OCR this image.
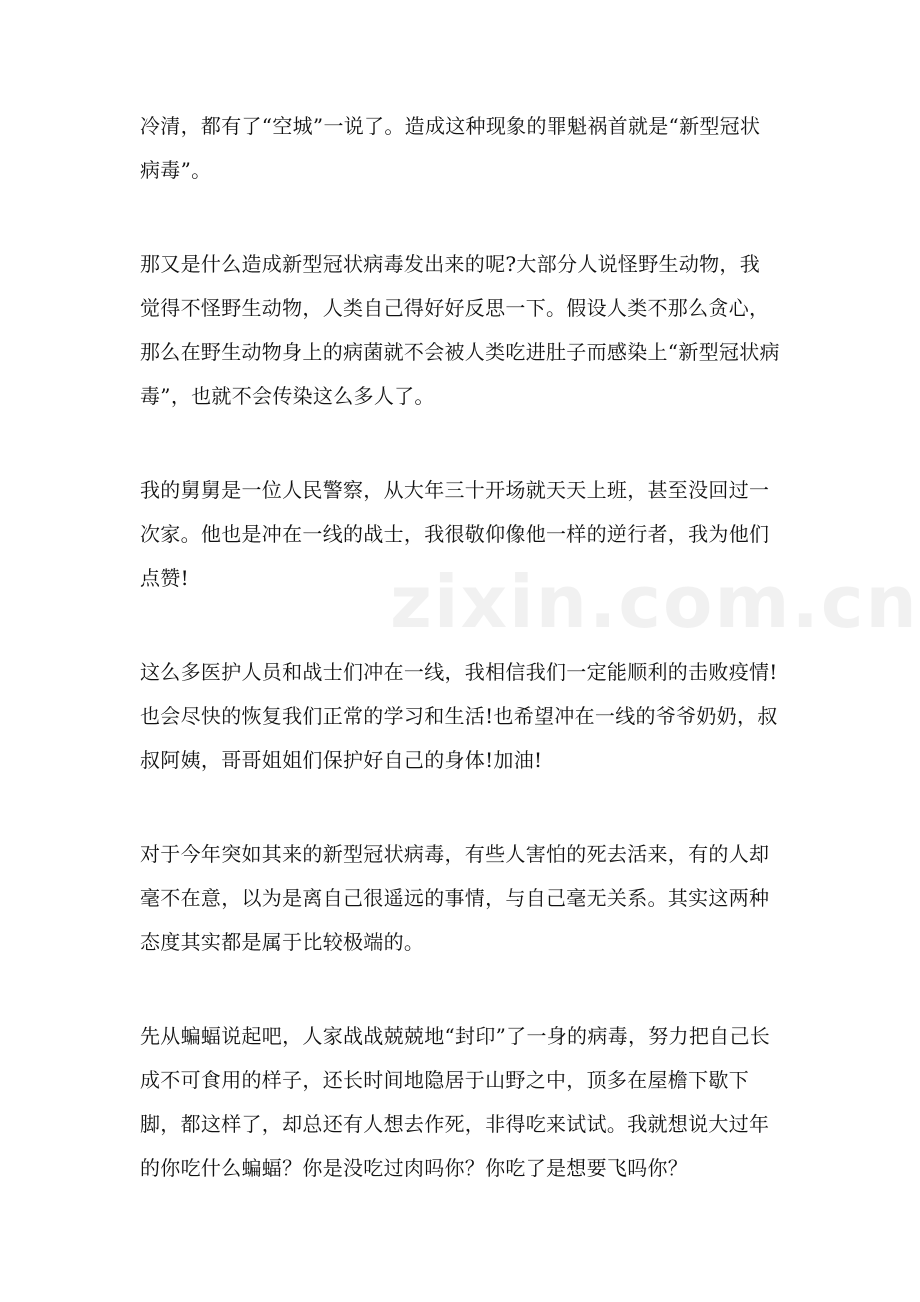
冷清，都有了“空城”一说了。造成这种现象的罪魁祸首就是“新型冠状病毒”。

那又是什么造成新型冠状病毒发出来的呢?大部分人说怪野生动物，我觉得不怪野生动物，人类自己得好好反思一下。假设人类不那么贪心，那么在野生动物身上的病菌就不会被人类吃进肚子而感染上“新型冠状病毒”，也就不会传染这么多人了。

我的舅舅是一位人民警察，从大年三十开场就天天上班，甚至没回过一次家。他也是冲在一线的战士，我很敬仰像他一样的逆行者，我为他们点赞!

这么多医护人员和战士们冲在一线，我相信我们一定能顺利的击败疫情!也会尽快的恢复我们正常的学习和生活!也希望冲在一线的爷爷奶奶，叔叔阿姨，哥哥姐姐们保护好自己的身体!加油!

对于今年突如其来的新型冠状病毒，有些人害怕的死去活来，有的人却毫不在意，以为是离自己很遥远的事情，与自己毫无关系。其实这两种态度其实都是属于比较极端的。

先从蝙蝠说起吧，人家战战兢兢地“封印”了一身的病毒，努力把自己长成不可食用的样子，还长时间地隐居于山野之中，顶多在屋檐下歇下脚，都这样了，却总还有人想去作死，非得吃来试试。我就想说大过年的你吃什么蝙蝠？你是没吃过肉吗你？你吃了是想要飞吗你？

zixin.com.cn
